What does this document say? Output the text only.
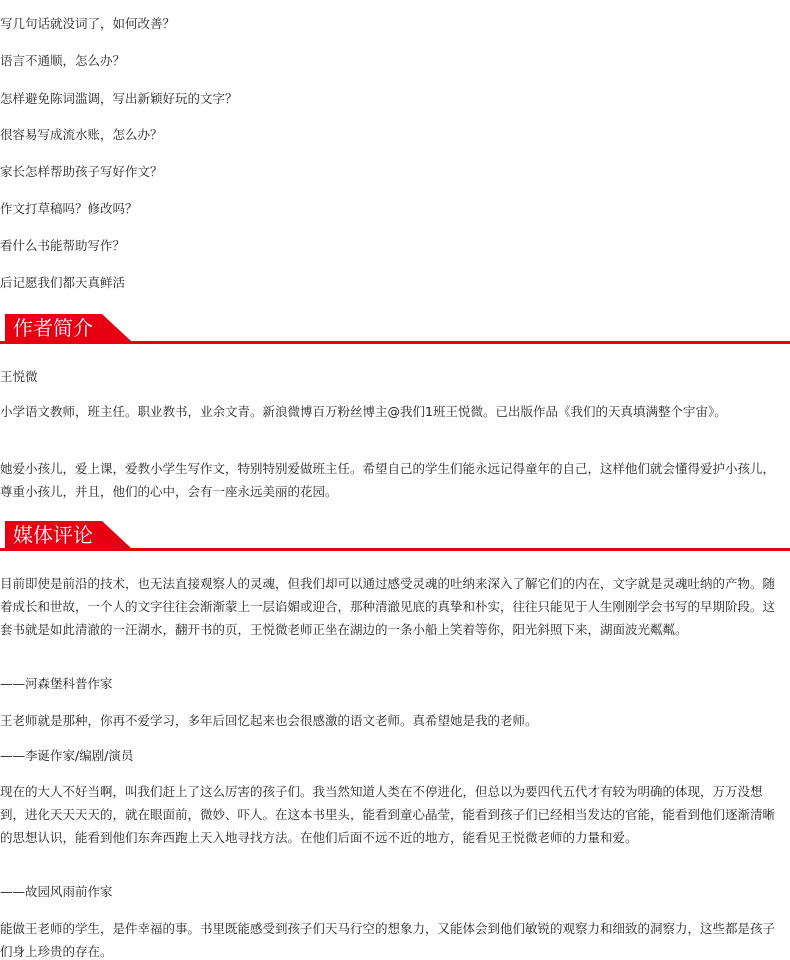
写几句话就没词了，如何改善？
语言不通顺，怎么办？
怎样避免陈词滥调，写出新颖好玩的文字？
很容易写成流水账，怎么办？
家长怎样帮助孩子写好作文？
作文打草稿吗？修改吗？
看什么书能帮助写作？
后记愿我们都天真鲜活
作者简介

王悦微

小学语文教师，班主任。职业教书，业余文青。新浪微博百万粉丝博主@我们1班王悦微。已出版作品《我们的天真填满整个宇宙》。

她爱小孩儿，爱上课，爱教小学生写作文，特别特别爱做班主任。希望自己的学生们能永远记得童年的自己，这样他们就会懂得爱护小孩儿，尊重小孩儿，并且，他们的心中，会有一座永远美丽的花园。

媒体评论

目前即使是前沿的技术，也无法直接观察人的灵魂，但我们却可以通过感受灵魂的吐纳来深入了解它们的内在，文字就是灵魂吐纳的产物。随着成长和世故，一个人的文字往往会渐渐蒙上一层谄媚或迎合，那种清澈见底的真挚和朴实，往往只能见于人生刚刚学会书写的早期阶段。这套书就是如此清澈的一汪湖水，翻开书的页，王悦微老师正坐在湖边的一条小船上笑着等你，阳光斜照下来，湖面波光粼粼。

——河森堡科普作家

王老师就是那种，你再不爱学习，多年后回忆起来也会很感激的语文老师。真希望她是我的老师。

——李诞作家/编剧/演员

现在的大人不好当啊，叫我们赶上了这么厉害的孩子们。我当然知道人类在不停进化，但总以为要四代五代才有较为明确的体现，万万没想到，进化天天天天的，就在眼面前，微妙、吓人。在这本书里头，能看到童心晶莹，能看到孩子们已经相当发达的官能，能看到他们逐渐清晰的思想认识，能看到他们东奔西跑上天入地寻找方法。在他们后面不远不近的地方，能看见王悦微老师的力量和爱。

——故园风雨前作家

能做王老师的学生，是件幸福的事。书里既能感受到孩子们天马行空的想象力，又能体会到他们敏锐的观察力和细致的洞察力，这些都是孩子们身上珍贵的存在。
